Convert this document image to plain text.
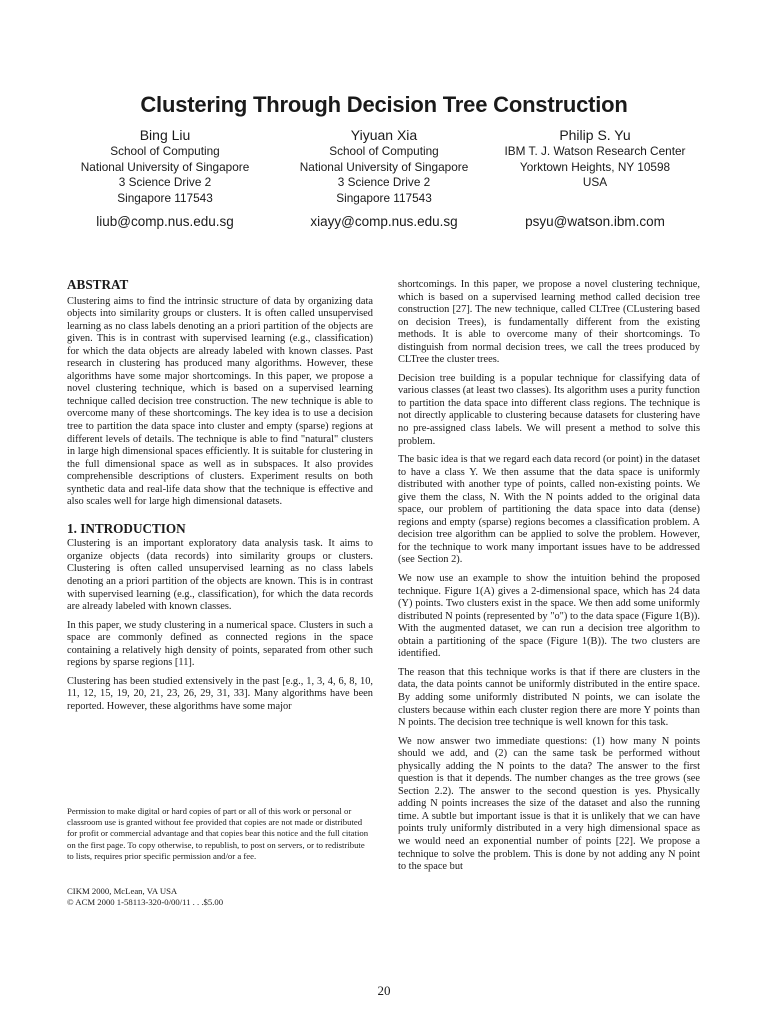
Clustering Through Decision Tree Construction
Bing Liu
School of Computing
National University of Singapore
3 Science Drive 2
Singapore 117543
liub@comp.nus.edu.sg
Yiyuan Xia
School of Computing
National University of Singapore
3 Science Drive 2
Singapore 117543
xiayy@comp.nus.edu.sg
Philip S. Yu
IBM T. J. Watson Research Center
Yorktown Heights, NY 10598
USA
psyu@watson.ibm.com
ABSTRAT

Clustering aims to find the intrinsic structure of data by organizing data objects into similarity groups or clusters. It is often called unsupervised learning as no class labels denoting an a priori partition of the objects are given. This is in contrast with supervised learning (e.g., classification) for which the data objects are already labeled with known classes. Past research in clustering has produced many algorithms. However, these algorithms have some major shortcomings. In this paper, we propose a novel clustering technique, which is based on a supervised learning technique called decision tree construction. The new technique is able to overcome many of these shortcomings. The key idea is to use a decision tree to partition the data space into cluster and empty (sparse) regions at different levels of details. The technique is able to find "natural" clusters in large high dimensional spaces efficiently. It is suitable for clustering in the full dimensional space as well as in subspaces. It also provides comprehensible descriptions of clusters. Experiment results on both synthetic data and real-life data show that the technique is effective and also scales well for large high dimensional datasets.

1. INTRODUCTION

Clustering is an important exploratory data analysis task. It aims to organize objects (data records) into similarity groups or clusters. Clustering is often called unsupervised learning as no class labels denoting an a priori partition of the objects are known. This is in contrast with supervised learning (e.g., classification), for which the data records are already labeled with known classes.

In this paper, we study clustering in a numerical space. Clusters in such a space are commonly defined as connected regions in the space containing a relatively high density of points, separated from other such regions by sparse regions [11].

Clustering has been studied extensively in the past [e.g., 1, 3, 4, 6, 8, 10, 11, 12, 15, 19, 20, 21, 23, 26, 29, 31, 33]. Many algorithms have been reported. However, these algorithms have some major

Permission to make digital or hard copies of part or all of this work or personal or classroom use is granted without fee provided that copies are not made or distributed for profit or commercial advantage and that copies bear this notice and the full citation on the first page. To copy otherwise, to republish, to post on servers, or to redistribute to lists, requires prior specific permission and/or a fee.
CIKM 2000, McLean, VA USA
© ACM 2000 1-58113-320-0/00/11 . . .$5.00

shortcomings. In this paper, we propose a novel clustering technique, which is based on a supervised learning method called decision tree construction [27]. The new technique, called CLTree (CLustering based on decision Trees), is fundamentally different from the existing methods. It is able to overcome many of their shortcomings. To distinguish from normal decision trees, we call the trees produced by CLTree the cluster trees.

Decision tree building is a popular technique for classifying data of various classes (at least two classes). Its algorithm uses a purity function to partition the data space into different class regions. The technique is not directly applicable to clustering because datasets for clustering have no pre-assigned class labels. We will present a method to solve this problem.

The basic idea is that we regard each data record (or point) in the dataset to have a class Y. We then assume that the data space is uniformly distributed with another type of points, called non-existing points. We give them the class, N. With the N points added to the original data space, our problem of partitioning the data space into data (dense) regions and empty (sparse) regions becomes a classification problem. A decision tree algorithm can be applied to solve the problem. However, for the technique to work many important issues have to be addressed (see Section 2).

We now use an example to show the intuition behind the proposed technique. Figure 1(A) gives a 2-dimensional space, which has 24 data (Y) points. Two clusters exist in the space. We then add some uniformly distributed N points (represented by "o") to the data space (Figure 1(B)). With the augmented dataset, we can run a decision tree algorithm to obtain a partitioning of the space (Figure 1(B)). The two clusters are identified.

The reason that this technique works is that if there are clusters in the data, the data points cannot be uniformly distributed in the entire space. By adding some uniformly distributed N points, we can isolate the clusters because within each cluster region there are more Y points than N points. The decision tree technique is well known for this task.

We now answer two immediate questions: (1) how many N points should we add, and (2) can the same task be performed without physically adding the N points to the data? The answer to the first question is that it depends. The number changes as the tree grows (see Section 2.2). The answer to the second question is yes. Physically adding N points increases the size of the dataset and also the running time. A subtle but important issue is that it is unlikely that we can have points truly uniformly distributed in a very high dimensional space as we would need an exponential number of points [22]. We propose a technique to solve the problem. This is done by not adding any N point to the space but

20
